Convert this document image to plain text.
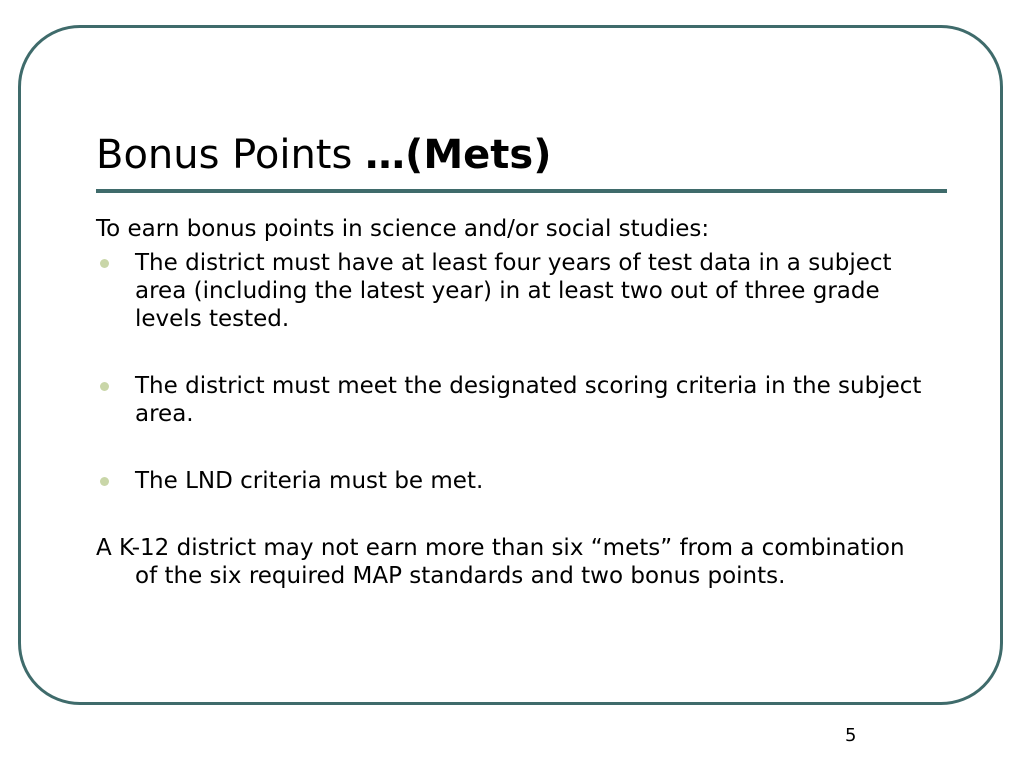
Bonus Points …(Mets)

To earn bonus points in science and/or social studies:

The district must have at least four years of test data in a subject area (including the latest year) in at least two out of three grade levels tested.
The district must meet the designated scoring criteria in the subject area.
The LND criteria must be met.

A K-12 district may not earn more than six “mets” from a combination of the six required MAP standards and two bonus points.

5
